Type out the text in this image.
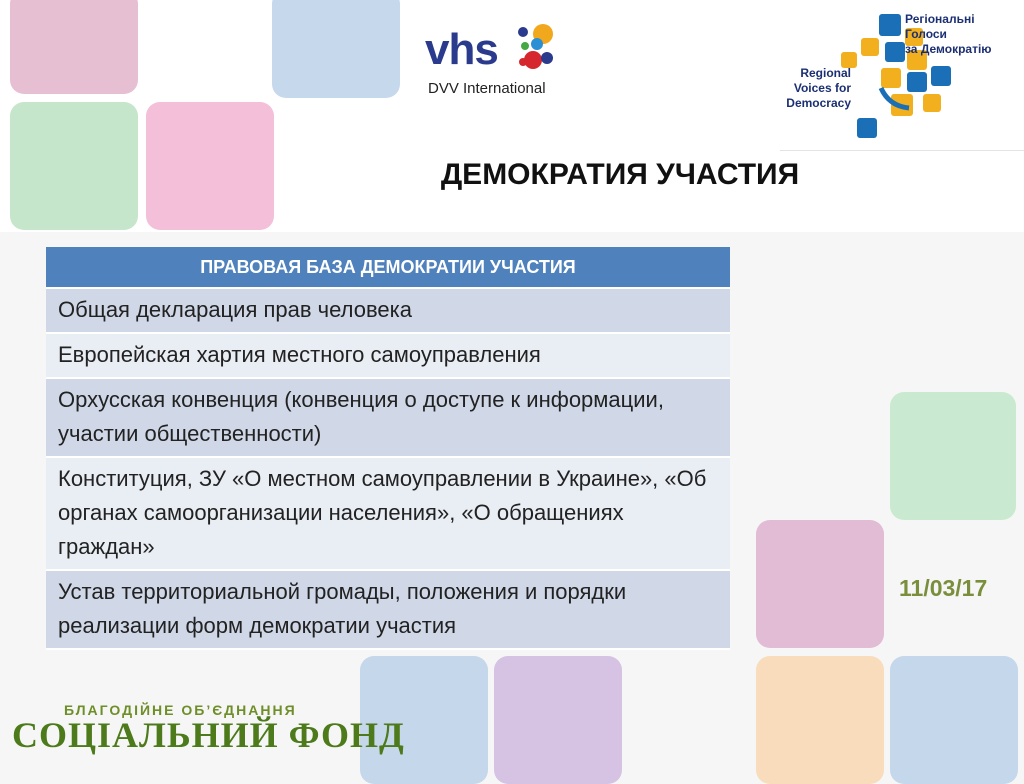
vhs
DVV International
Регіональні
Голоси
за Демократію
Regional
Voices for
Democracy
ДЕМОКРАТИЯ УЧАСТИЯ
ПРАВОВАЯ БАЗА ДЕМОКРАТИИ УЧАСТИЯ
Общая декларация прав человека
Европейская хартия местного самоуправления
Орхусская конвенция (конвенция о доступе к информации, участии общественности)
Конституция, ЗУ «О местном самоуправлении в Украине», «Об органах самоорганизации населения», «О обращениях граждан»
Устав территориальной громады, положения и порядки реализации форм демократии участия
11/03/17
БЛАГОДІЙНЕ ОБ’ЄДНАННЯ
СОЦІАЛЬНИЙ ФОНД
